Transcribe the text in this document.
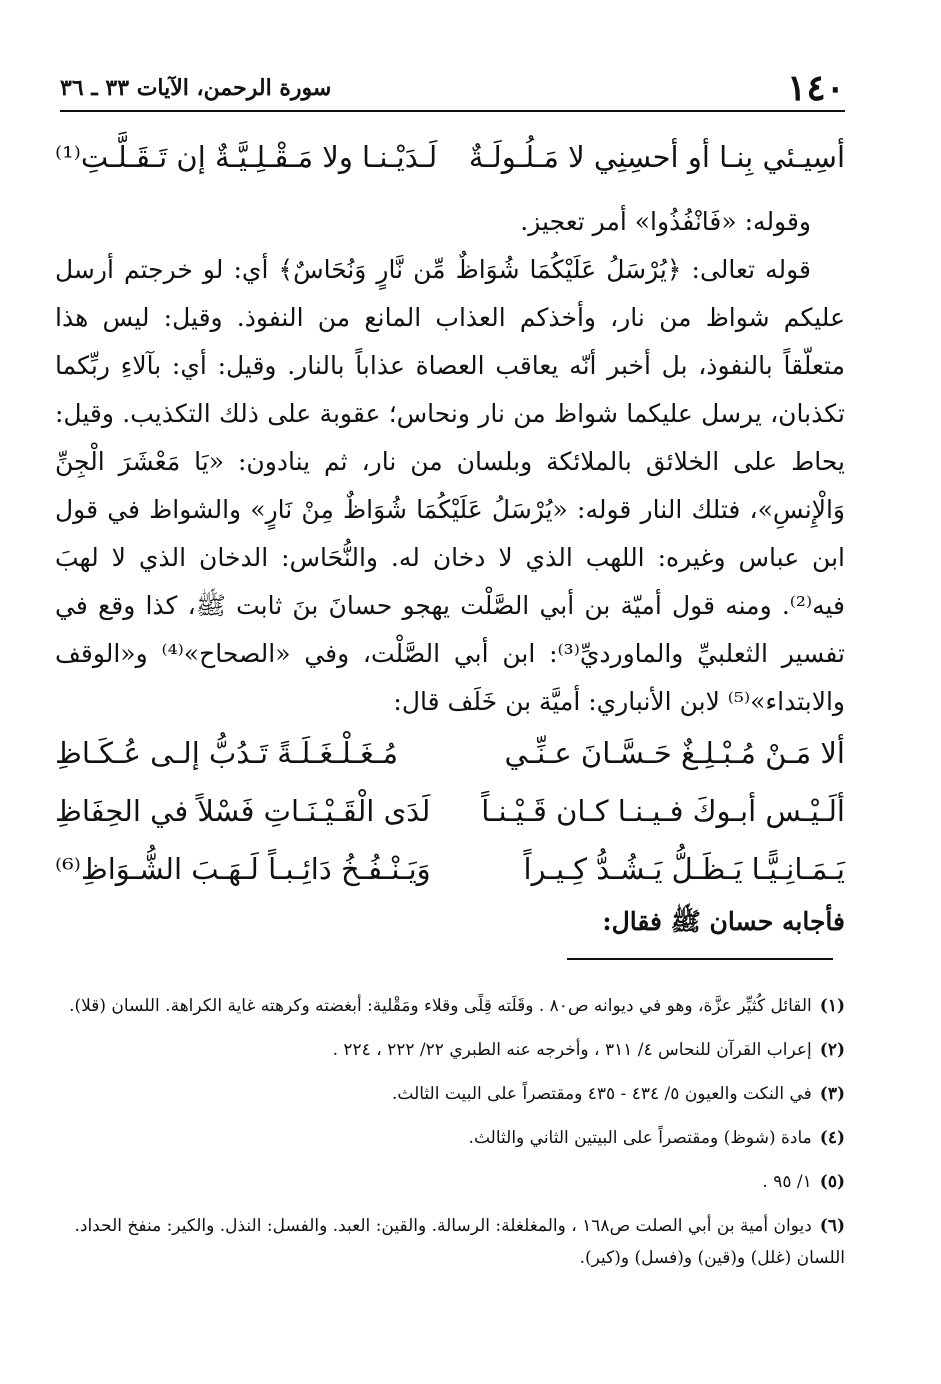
١٤٠
سورة الرحمن، الآيات ٣٣ ـ ٣٦
أسِيـئي بِنـا أو أحسِنِي لا مَـلُـولَـةٌ
لَـدَيْـنـا ولا مَـقْـلِـيَّـةٌ إن تَـقَـلَّـتِ⁽¹⁾

وقوله: «فَانْفُذُوا» أمر تعجيز.

قوله تعالى: ﴿يُرْسَلُ عَلَيْكُمَا شُوَاظٌ مِّن نَّارٍ وَنُحَاسٌ﴾ أي: لو خرجتم أرسل عليكم شواظ من نار، وأخذكم العذاب المانع من النفوذ. وقيل: ليس هذا متعلّقاً بالنفوذ، بل أخبر أنّه يعاقب العصاة عذاباً بالنار. وقيل: أي: بآلاءِ ربِّكما تكذبان، يرسل عليكما شواظ من نار ونحاس؛ عقوبة على ذلك التكذيب. وقيل: يحاط على الخلائق بالملائكة وبلسان من نار، ثم ينادون: «يَا مَعْشَرَ الْجِنِّ وَالْإِنسِ»، فتلك النار قوله: «يُرْسَلُ عَلَيْكُمَا شُوَاظٌ مِنْ نَارٍ» والشواظ في قول ابن عباس وغيره: اللهب الذي لا دخان له. والنُّحَاس: الدخان الذي لا لهبَ فيه⁽²⁾. ومنه قول أميّة بن أبي الصَّلْت يهجو حسانَ بنَ ثابت ﷺ، كذا وقع في تفسير الثعلبيِّ والماورديِّ⁽³⁾: ابن أبي الصَّلْت، وفي «الصحاح»⁽⁴⁾ و«الوقف والابتداء»⁽⁵⁾ لابن الأنباري: أميَّة بن خَلَف قال:

ألا مَـنْ مُـبْـلِـغٌ حَـسَّـانَ عـنِّـي
مُـغَـلْـغَـلَـةً تَـدُبُّ إلـى عُـكَـاظِ
ألَـيْـس أبـوكَ فـيـنـا كـان قَـيْـنـاً
لَدَى الْقَـيْـنَـاتِ فَسْلاً في الحِفَاظِ
يَـمَـانِـيًّـا يَـظَـلُّ يَـشُـدُّ كِـيـراً
وَيَـنْـفُـخُ دَائِـبـاً لَـهَـبَ الشُّـوَاظِ⁽⁶⁾
فأجابه حسان ﷺ فقال:

(١)القائل كُثيِّر عزَّة، وهو في ديوانه ص٨٠ . وقَلَته قِلًى وقلاء ومَقْلية: أبغضته وكرهته غاية الكراهة. اللسان (قلا).

(٢)إعراب القرآن للنحاس ٤/ ٣١١ ، وأخرجه عنه الطبري ٢٢/ ٢٢٢ ، ٢٢٤ .

(٣)في النكت والعيون ٥/ ٤٣٤ - ٤٣٥ ومقتصراً على البيت الثالث.

(٤)مادة (شوظ) ومقتصراً على البيتين الثاني والثالث.

(٥)١/ ٩٥ .

(٦)ديوان أمية بن أبي الصلت ص١٦٨ ، والمغلغلة: الرسالة. والقين: العبد. والفسل: النذل. والكير: منفخ الحداد. اللسان (غلل) و(قين) و(فسل) و(كير).
